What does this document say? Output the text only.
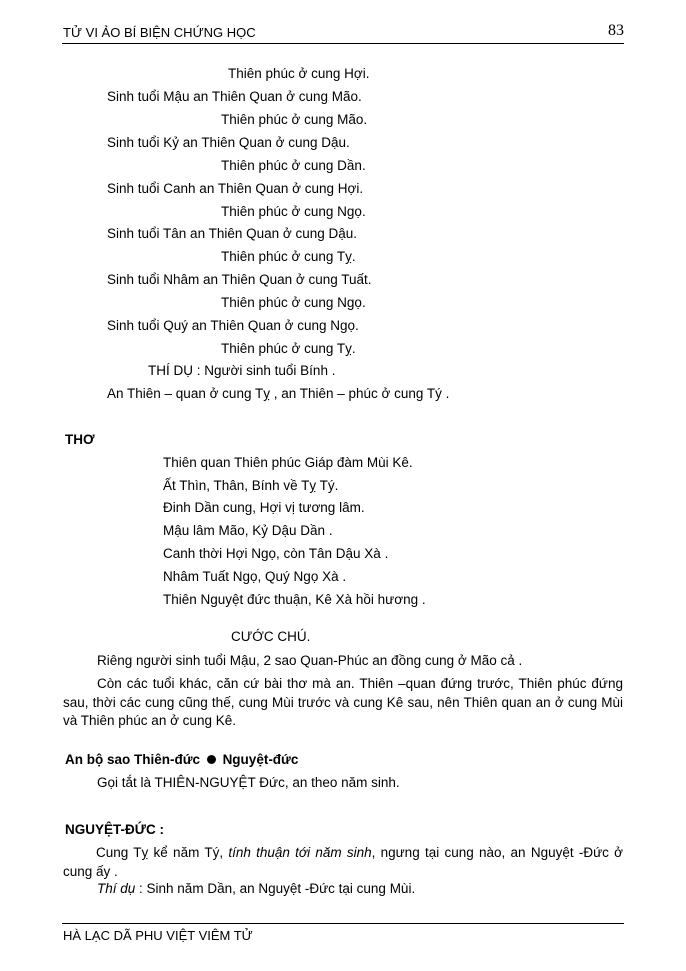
TỬ VI ẢO BÍ BIỆN CHỨNG HỌC	83
Thiên phúc ở cung Hợi.
Sinh tuổi Mậu an Thiên Quan ở cung Mão.
Thiên phúc ở cung Mão.
Sinh tuổi Kỷ an Thiên Quan ở cung Dậu.
Thiên phúc ở cung Dần.
Sinh tuổi Canh an Thiên Quan ở cung Hợi.
Thiên phúc ở cung Ngọ.
Sinh tuổi Tân an Thiên Quan ở cung Dậu.
Thiên phúc ở cung Tỵ.
Sinh tuổi Nhâm an Thiên Quan ở cung Tuất.
Thiên phúc ở cung Ngọ.
Sinh tuổi Quý an Thiên Quan ở cung Ngọ.
Thiên phúc ở cung Tỵ.
THÍ DỤ : Người sinh tuổi Bính .
An Thiên – quan ở cung Tỵ , an Thiên – phúc ở cung Tý .
THƠ
Thiên quan Thiên phúc Giáp đàm Mùi Kê.
Ất Thìn, Thân, Bính về Tỵ Tý.
Đinh Dần cung, Hợi vị tương lâm.
Mậu lâm Mão, Kỷ Dậu Dần .
Canh thời Hợi Ngọ, còn Tân Dậu Xà .
Nhâm Tuất Ngọ, Quý Ngọ Xà .
Thiên Nguyệt đức thuận, Kê Xà hồi hương .
CƯỚC CHÚ.
Riêng người sinh tuổi Mậu, 2 sao Quan-Phúc an đồng cung ở Mão cả .
Còn các tuổi khác, căn cứ bài thơ mà an. Thiên –quan đứng trước, Thiên phúc đứng sau, thời các cung cũng thế, cung Mùi trước và cung Kê sau, nên Thiên quan an ở cung Mùi và Thiên phúc an ở cung Kê.
An bộ sao Thiên-đức Nguyệt-đức
Gọi tắt là THIÊN-NGUYỆT Đức, an theo năm sinh.
NGUYỆT-ĐỨC :
Cung Tỵ kể năm Tý, tính thuận tới năm sinh, ngưng tại cung nào, an Nguyệt -Đức ở cung ấy .
Thí dụ : Sinh năm Dần, an Nguyệt -Đức tại cung Mùi.
HÀ LẠC DÃ PHU VIỆT VIÊM TỬ
